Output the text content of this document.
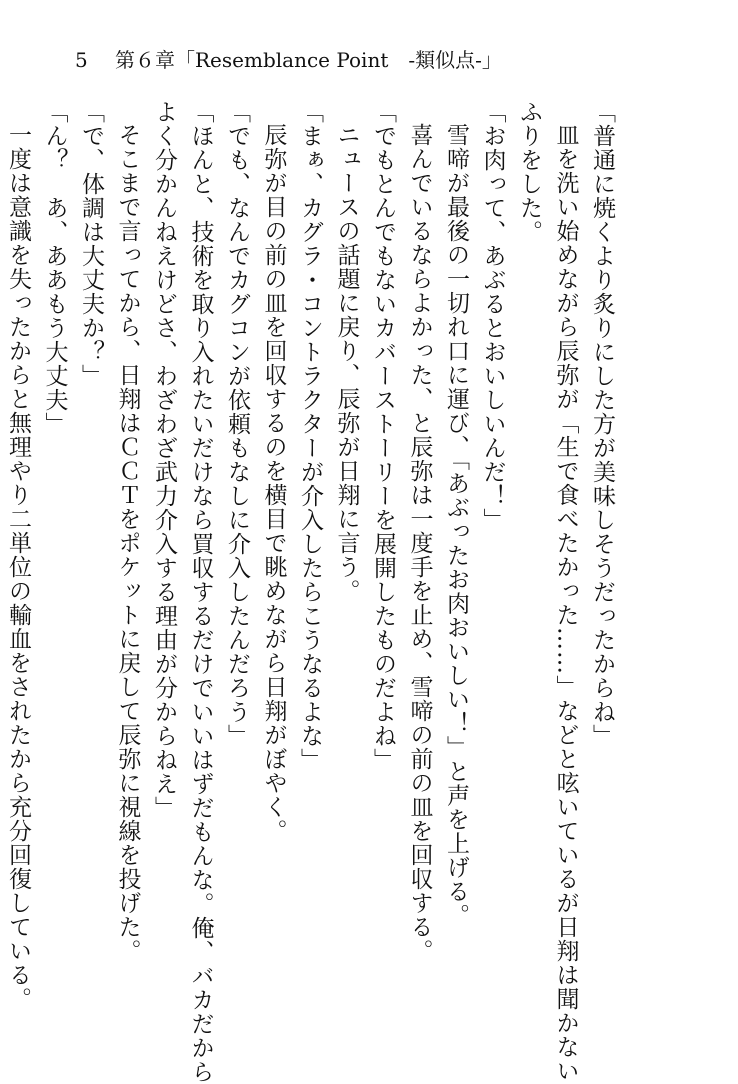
5 第６章「Resemblance Point　-類似点-」
「普通に焼くより炙りにした方が美味しそうだったからね」
皿を洗い始めながら辰弥が「生で食べたかった……」などと呟いているが日翔は聞かない
ふりをした。
「お肉って、あぶるとおいしいんだ！」
雪啼が最後の一切れ口に運び、「あぶったお肉おいしい！」と声を上げる。
喜んでいるならよかった、と辰弥は一度手を止め、雪啼の前の皿を回収する。
「でもとんでもないカバーストーリーを展開したものだよね」
ニュースの話題に戻り、辰弥が日翔に言う。
「まぁ、カグラ・コントラクターが介入したらこうなるよな」
辰弥が目の前の皿を回収するのを横目で眺めながら日翔がぼやく。
「でも、なんでカグコンが依頼もなしに介入したんだろう」
「ほんと、技術を取り入れたいだけなら買収するだけでいいはずだもんな。俺、バカだから
よく分かんねえけどさ、わざわざ武力介入する理由が分からねえ」
そこまで言ってから、日翔はＣＣＴをポケットに戻して辰弥に視線を投げた。
「で、体調は大丈夫か？」
「ん？　あ、ああもう大丈夫」
一度は意識を失ったからと無理やり二単位の輸血をされたから充分回復している。
